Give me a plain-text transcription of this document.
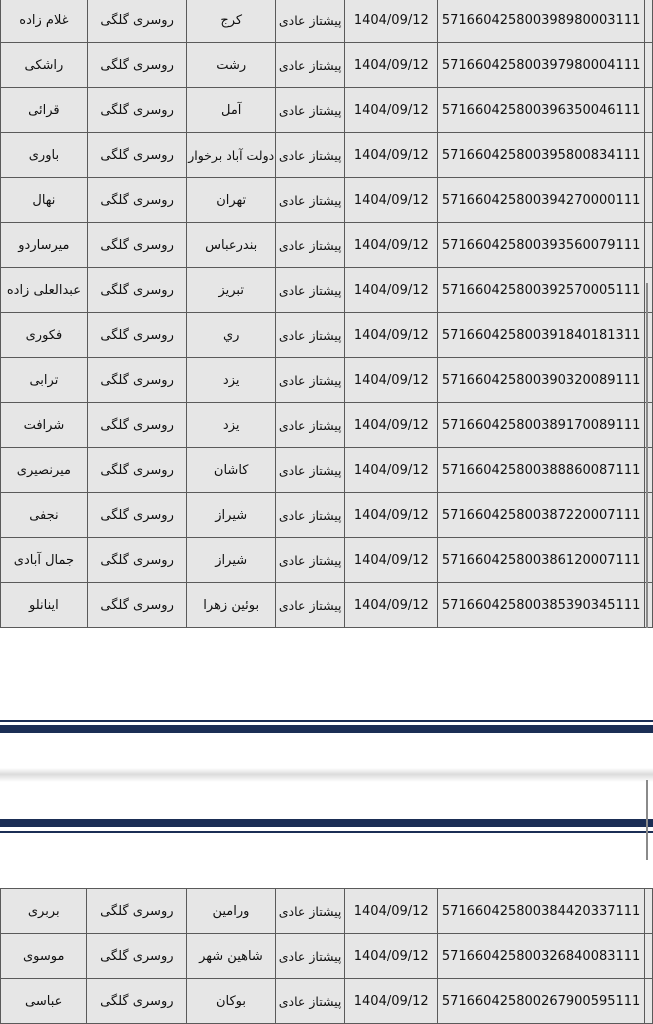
غلام زاده	روسری گلگی	کرج	پیشتاز عادی	1404/09/12	571660425800398980003111	
راشکی	روسری گلگی	رشت	پیشتاز عادی	1404/09/12	571660425800397980004111	
قرائی	روسری گلگی	آمل	پیشتاز عادی	1404/09/12	571660425800396350046111	
باوری	روسری گلگی	دولت آباد برخوار	پیشتاز عادی	1404/09/12	571660425800395800834111	
نهال	روسری گلگی	تهران	پیشتاز عادی	1404/09/12	571660425800394270000111	
میرساردو	روسری گلگی	بندرعباس	پیشتاز عادی	1404/09/12	571660425800393560079111	
عبدالعلی زاده	روسری گلگی	تبریز	پیشتاز عادی	1404/09/12	571660425800392570005111	
فکوری	روسری گلگی	ري	پیشتاز عادی	1404/09/12	571660425800391840181311	
ترابی	روسری گلگی	یزد	پیشتاز عادی	1404/09/12	571660425800390320089111	
شرافت	روسری گلگی	یزد	پیشتاز عادی	1404/09/12	571660425800389170089111	
میرنصیری	روسری گلگی	کاشان	پیشتاز عادی	1404/09/12	571660425800388860087111	
نجفی	روسری گلگی	شیراز	پیشتاز عادی	1404/09/12	571660425800387220007111	
جمال آبادی	روسری گلگی	شیراز	پیشتاز عادی	1404/09/12	571660425800386120007111	
اینانلو	روسری گلگی	بوئین زهرا	پیشتاز عادی	1404/09/12	571660425800385390345111	
بربری	روسری گلگی	ورامین	پیشتاز عادی	1404/09/12	571660425800384420337111	
موسوی	روسری گلگی	شاهین شهر	پیشتاز عادی	1404/09/12	571660425800326840083111	
عباسی	روسری گلگی	بوکان	پیشتاز عادی	1404/09/12	571660425800267900595111	
